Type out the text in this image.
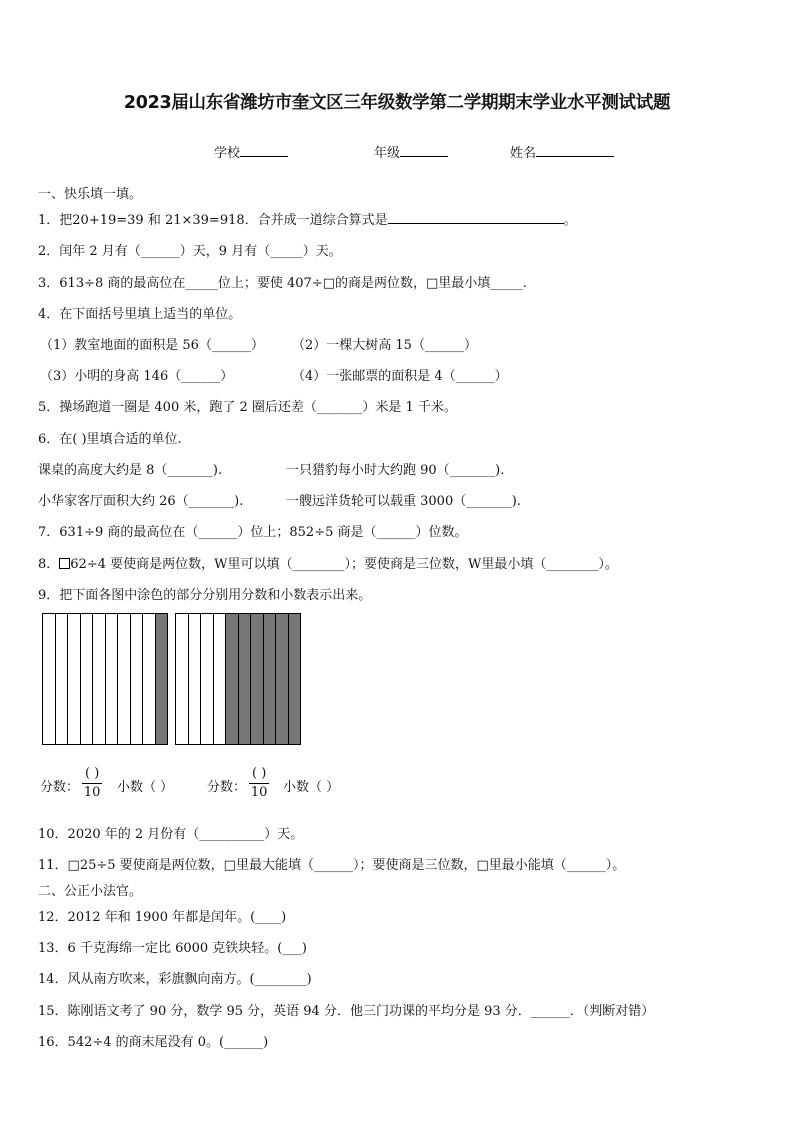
2023届山东省潍坊市奎文区三年级数学第二学期期末学业水平测试试题
学校	年级	姓名
一、快乐填一填。
1．把20+19=39 和 21×39=918．合并成一道综合算式是	。
2．闰年 2 月有（______）天，9 月有（_____）天。
3．613÷8 商的最高位在_____位上；要使 407÷□的商是两位数，□里最小填_____.
4．在下面括号里填上适当的单位。
（1）教室地面的面积是 56（______） （2）一棵大树高 15（______）
（3）小明的身高 146（______）	（4）一张邮票的面积是 4（______）
5．操场跑道一圈是 400 米，跑了 2 圈后还差（_______）米是 1 千米。
6．在( )里填合适的单位.
课桌的高度大约是 8（_______).	一只猎豹每小时大约跑 90（_______).
小华家客厅面积大约 26（_______).	一艘远洋货轮可以载重 3000（_______).
7．631÷9 商的最高位在（______）位上；852÷5 商是（______）位数。
8． 62÷4 要使商是两位数，W里可以填（________）；要使商是三位数，W里最小填（________）。
9．把下面各图中涂色的部分分别用分数和小数表示出来。
分数：
( )
10 小数（ ）	分数：
( )
10 小数（ ）
10．2020 年的 2 月份有（__________）天。
11．□25÷5 要使商是两位数，□里最大能填（______）；要使商是三位数，□里最小能填（______）。
二、公正小法官。
12．2012 年和 1900 年都是闰年。(____)
13．6 千克海绵一定比 6000 克铁块轻。(___)
14．风从南方吹来，彩旗飘向南方。(________)
15．陈刚语文考了 90 分，数学 95 分，英语 94 分．他三门功课的平均分是 93 分．______．（判断对错）
16．542÷4 的商末尾没有 0。(______)
